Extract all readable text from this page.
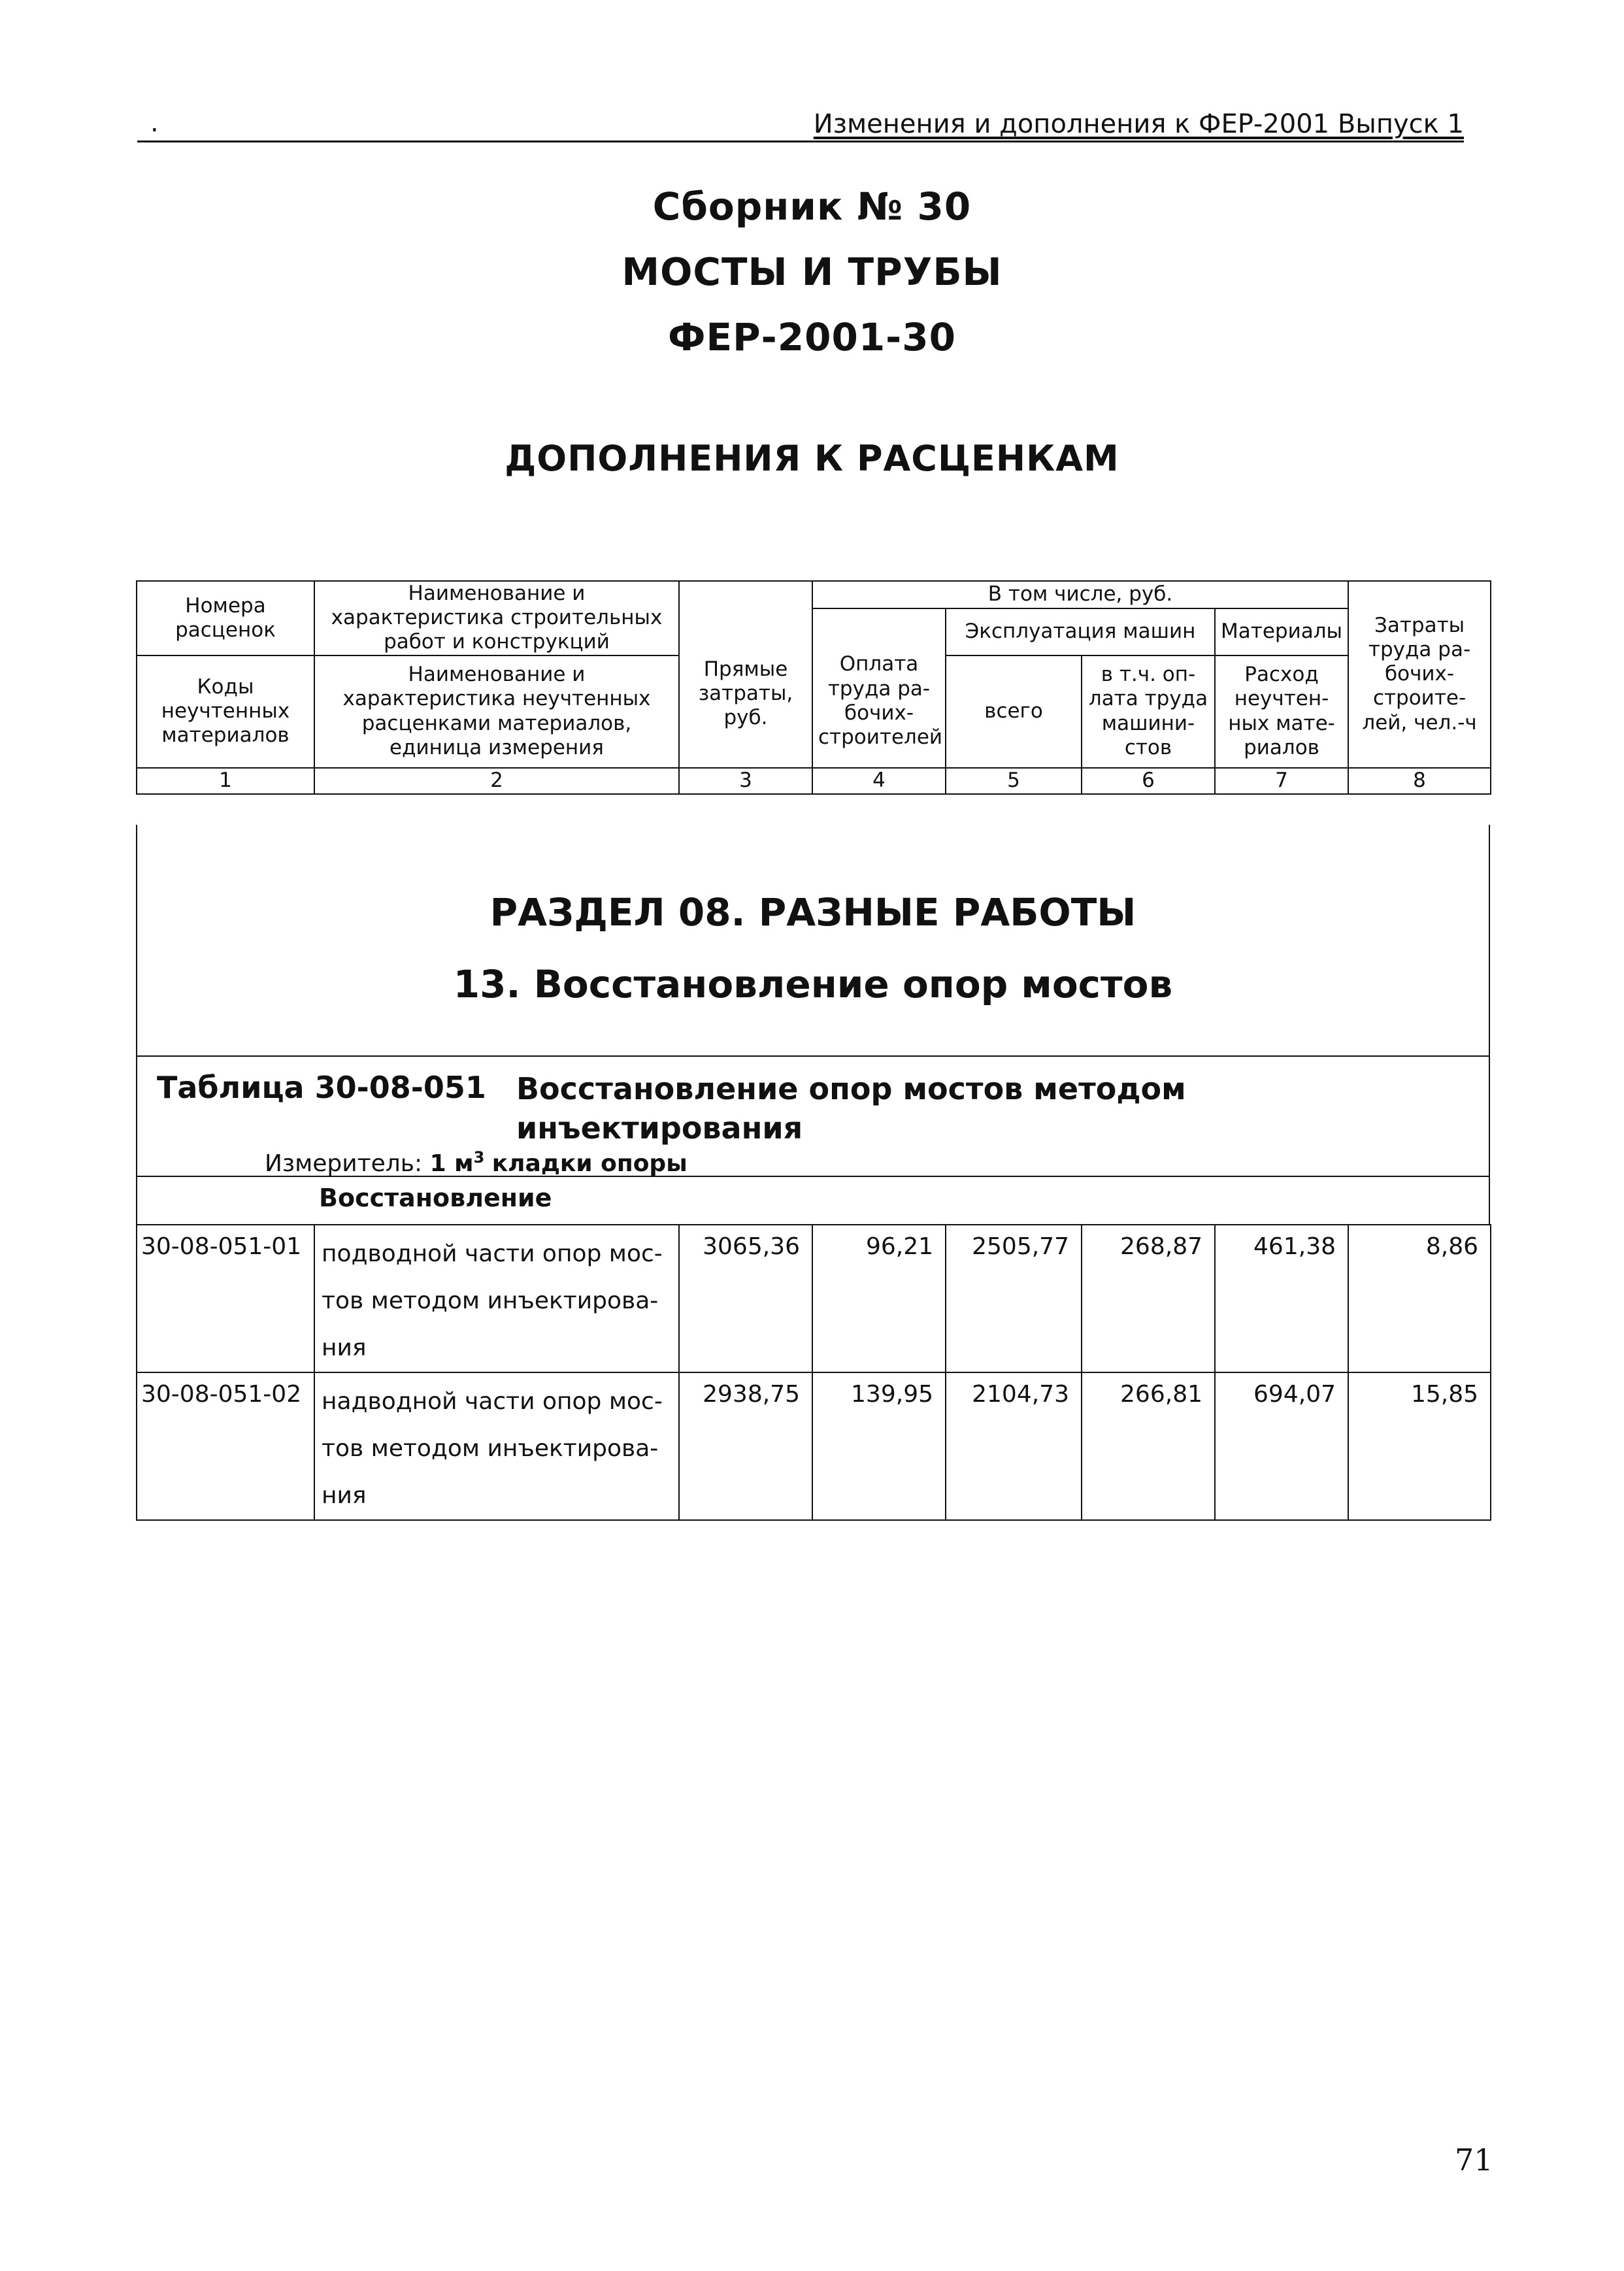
.	Изменения и дополнения к ФЕР-2001 Выпуск 1
Сборник № 30
МОСТЫ И ТРУБЫ
ФЕР-2001-30
ДОПОЛНЕНИЯ К РАСЦЕНКАМ
Номера расценок	Наименование и характеристика строительных работ и конструкций	Прямые затраты, руб.	В том числе, руб.				Затраты труда ра-бочих-строите-лей, чел.-ч
			Оплата труда ра-бочих-строителей	Эксплуатация машин		Материалы	
Коды неучтенных материалов	Наименование и характеристика неучтенных расценками материалов, единица измерения			всего	в т.ч. оп-лата труда машини-стов	Расход неучтен-ных мате-риалов	
1	2	3	4	5	6	7	8
РАЗДЕЛ 08. РАЗНЫЕ РАБОТЫ
13. Восстановление опор мостов
Таблица 30-08-051 Восстановление опор мостов методом
инъектирования
Измеритель: 1 $м^3$ кладки опоры
Восстановление
30-08-051-01	подводной части опор мос-тов методом инъектирова-ния	3065,36	96,21	2505,77	268,87	461,38	8,86
30-08-051-02	надводной части опор мос-тов методом инъектирова-ния	2938,75	139,95	2104,73	266,81	694,07	15,85
71
